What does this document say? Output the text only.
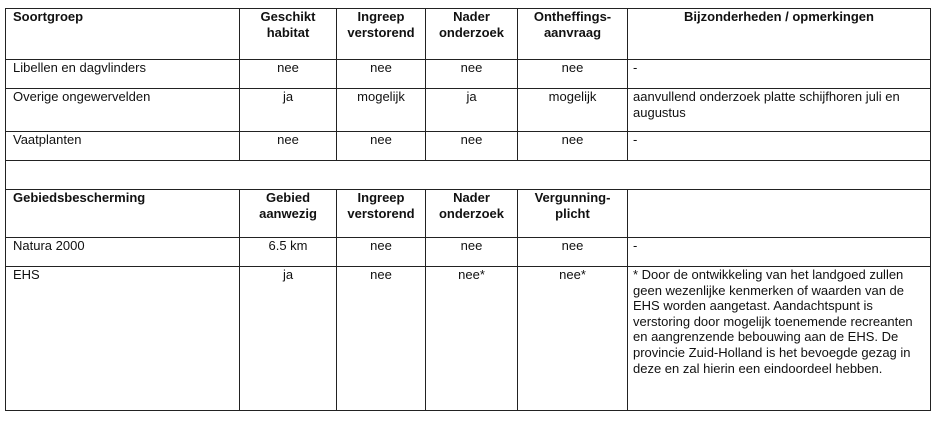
Soortgroep	Geschikt habitat	Ingreep verstorend	Nader onderzoek	Ontheffings-aanvraag	Bijzonderheden / opmerkingen
Libellen en dagvlinders	nee	nee	nee	nee	-
Overige ongewervelden	ja	mogelijk	ja	mogelijk	aanvullend onderzoek platte schijfhoren juli en augustus
Vaatplanten	nee	nee	nee	nee	-

Gebiedsbescherming	Gebied aanwezig	Ingreep verstorend	Nader onderzoek	Vergunning-plicht	
Natura 2000	6.5 km	nee	nee	nee	-
EHS	ja	nee	nee*	nee*	* Door de ontwikkeling van het landgoed zullen geen wezenlijke kenmerken of waarden van de EHS worden aangetast. Aandachtspunt is verstoring door mogelijk toenemende recreanten en aangrenzende bebouwing aan de EHS. De provincie Zuid-Holland is het bevoegde gezag in deze en zal hierin een eindoordeel hebben.
